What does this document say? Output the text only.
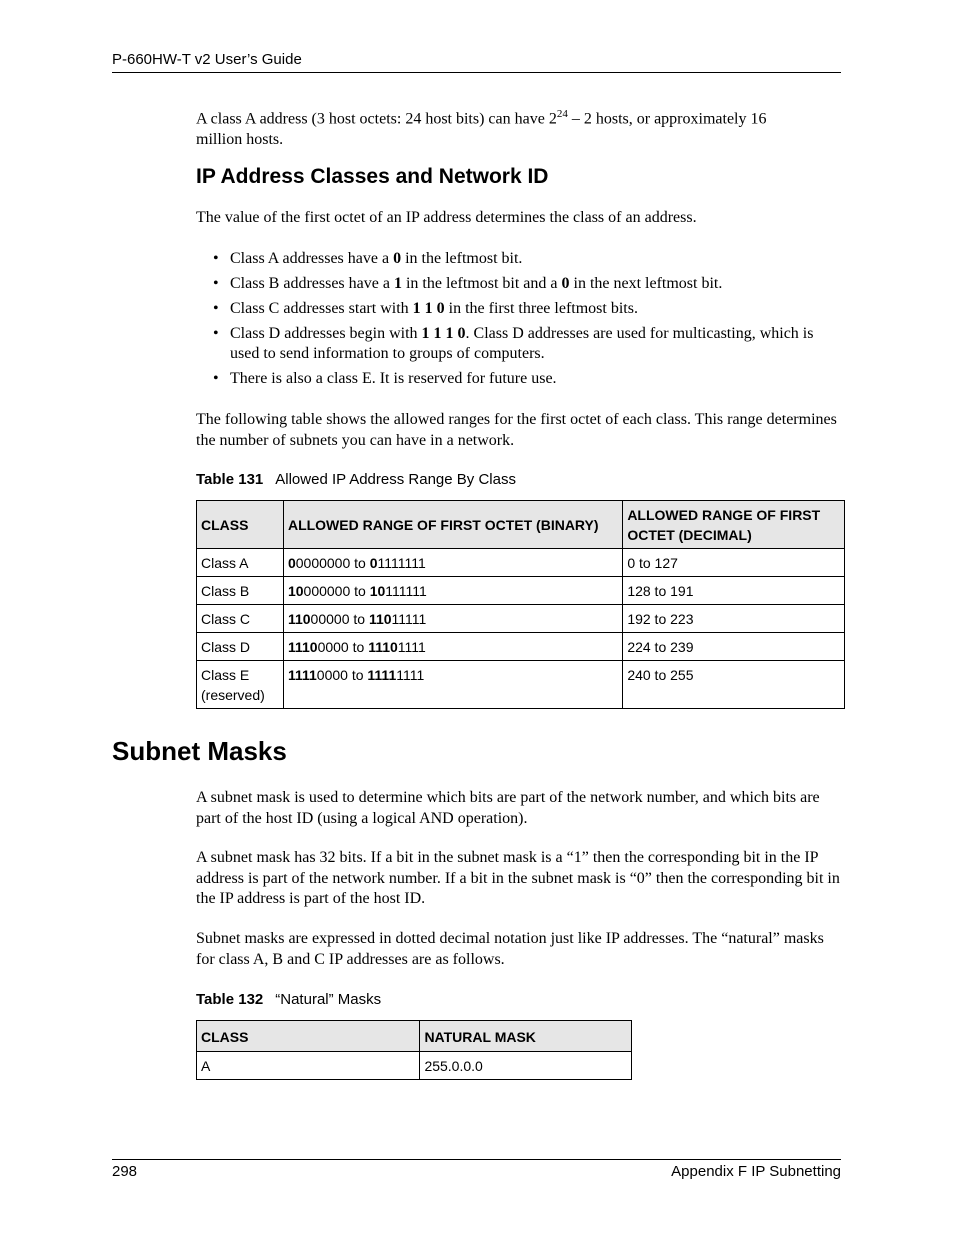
P-660HW-T v2 User’s Guide

A class A address (3 host octets: 24 host bits) can have $2^{24} - 2$ hosts, or approximately 16
million hosts.

IP Address Classes and Network ID

The value of the first octet of an IP address determines the class of an address.

• Class A addresses have a 0 in the leftmost bit.
• Class B addresses have a 1 in the leftmost bit and a 0 in the next leftmost bit.
• Class C addresses start with 1 1 0 in the first three leftmost bits.
• Class D addresses begin with 1 1 1 0. Class D addresses are used for multicasting, which is used to send information to groups of computers.
• There is also a class E. It is reserved for future use.

The following table shows the allowed ranges for the first octet of each class. This range determines the number of subnets you can have in a network.

Table 131 Allowed IP Address Range By Class
CLASS	ALLOWED RANGE OF FIRST OCTET (BINARY)	ALLOWED RANGE OF FIRST OCTET (DECIMAL)
Class A	00000000 to 01111111	0 to 127
Class B	10000000 to 10111111	128 to 191
Class C	11000000 to 11011111	192 to 223
Class D	11100000 to 11101111	224 to 239
Class E (reserved)	11110000 to 11111111	240 to 255
Subnet Masks

A subnet mask is used to determine which bits are part of the network number, and which bits are part of the host ID (using a logical AND operation).

A subnet mask has 32 bits. If a bit in the subnet mask is a “1” then the corresponding bit in the IP address is part of the network number. If a bit in the subnet mask is “0” then the corresponding bit in the IP address is part of the host ID.

Subnet masks are expressed in dotted decimal notation just like IP addresses. The “natural” masks for class A, B and C IP addresses are as follows.

Table 132 “Natural” Masks
CLASS	NATURAL MASK
A	255.0.0.0
298	Appendix F IP Subnetting
